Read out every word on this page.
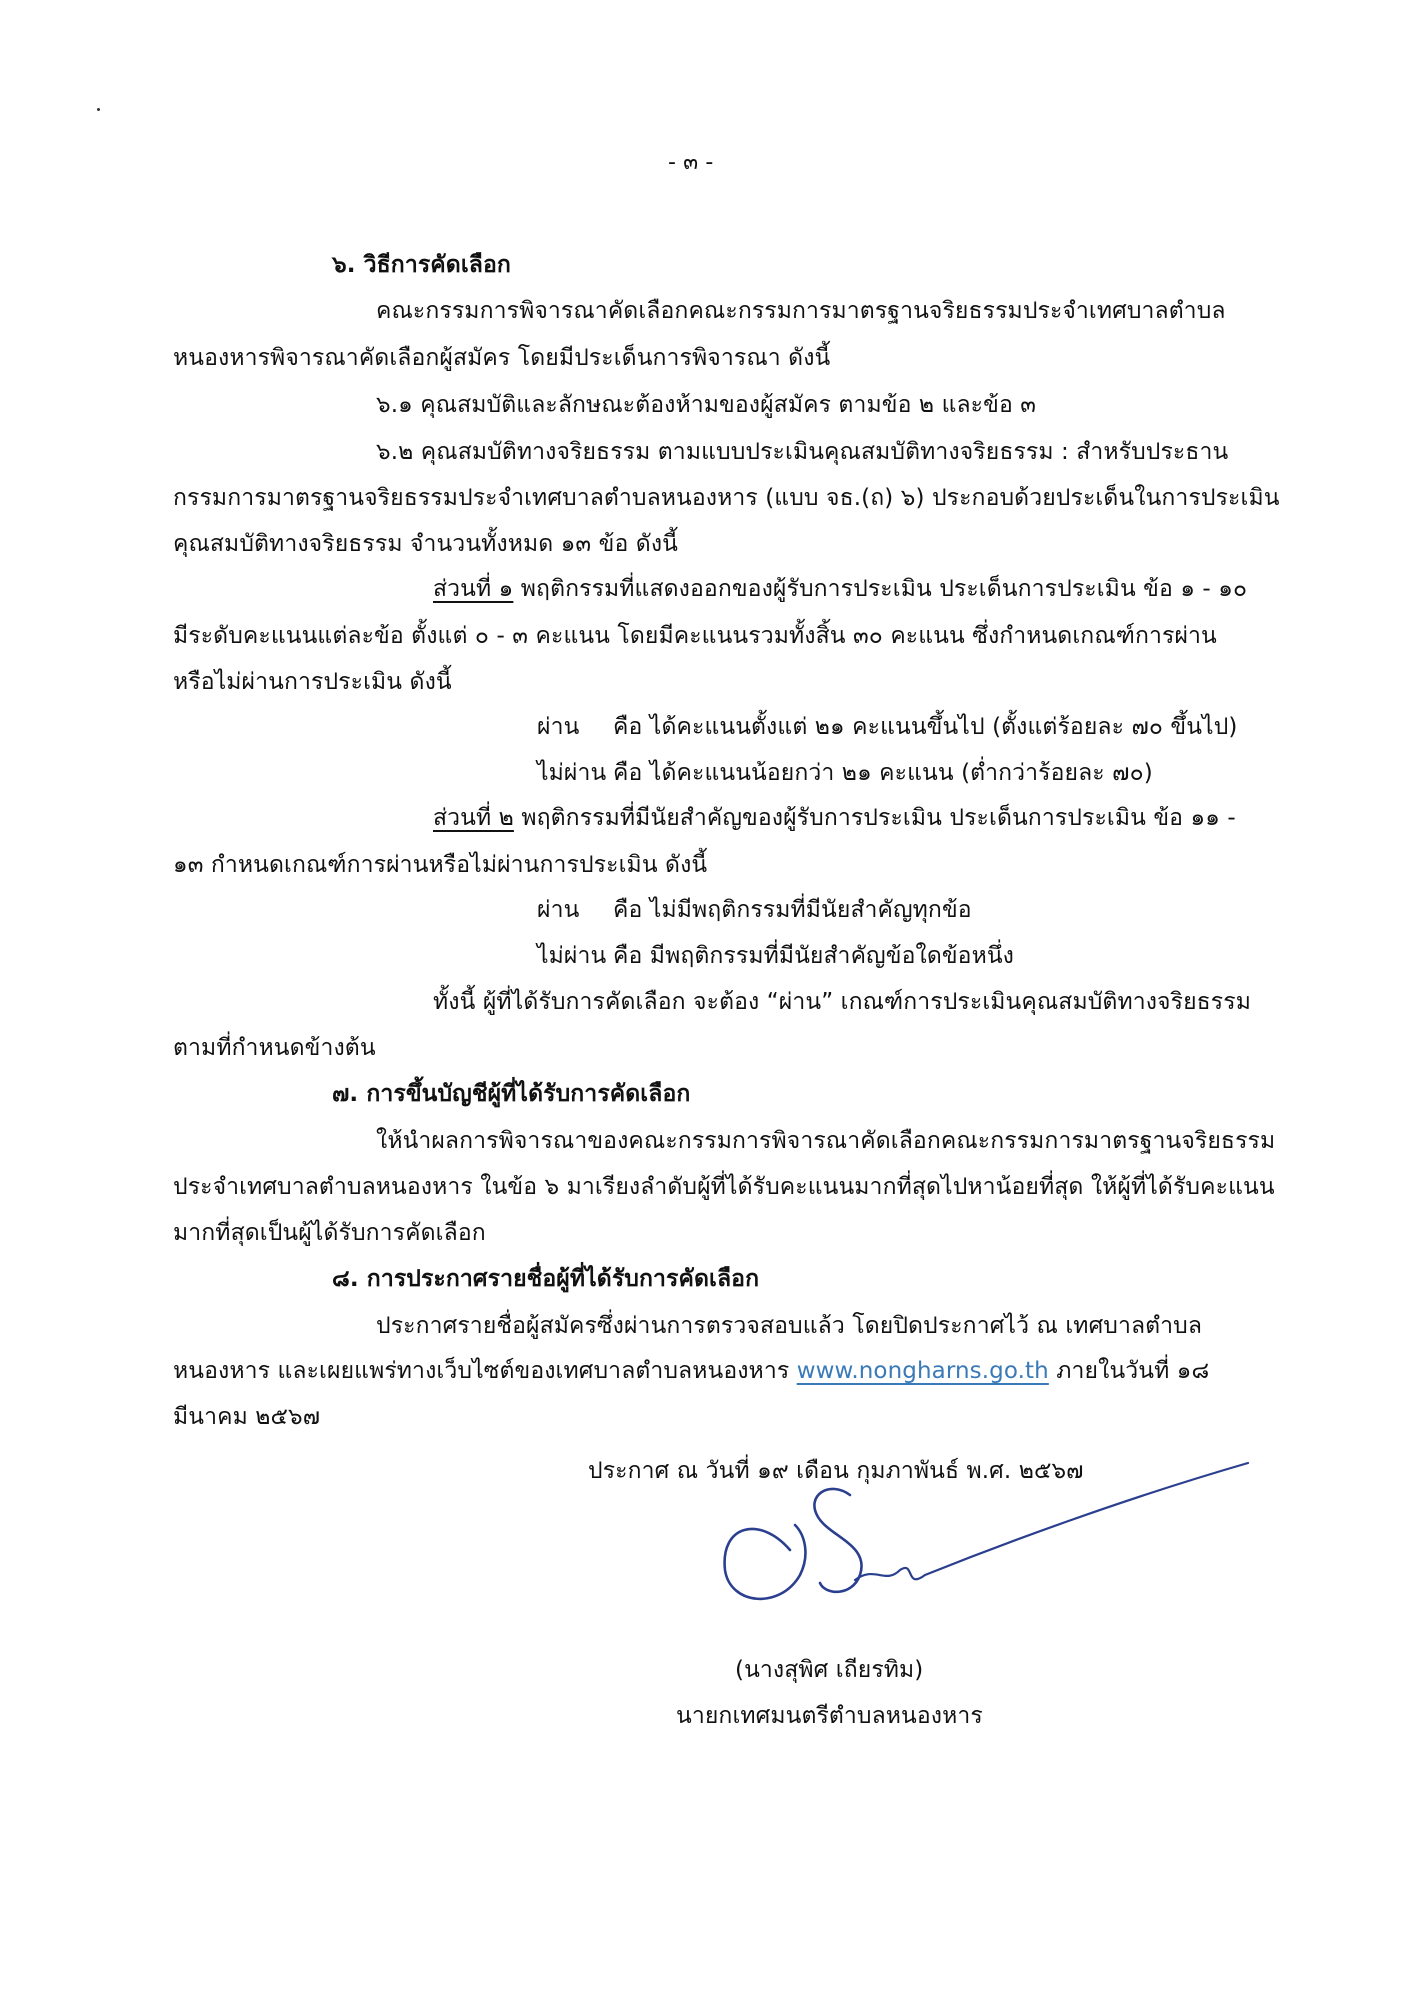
- ๓ -
๖. วิธีการคัดเลือก
คณะกรรมการพิจารณาคัดเลือกคณะกรรมการมาตรฐานจริยธรรมประจำเทศบาลตำบล
หนองหารพิจารณาคัดเลือกผู้สมัคร โดยมีประเด็นการพิจารณา ดังนี้
๖.๑ คุณสมบัติและลักษณะต้องห้ามของผู้สมัคร ตามข้อ ๒ และข้อ ๓
๖.๒ คุณสมบัติทางจริยธรรม ตามแบบประเมินคุณสมบัติทางจริยธรรม : สำหรับประธาน
กรรมการมาตรฐานจริยธรรมประจำเทศบาลตำบลหนองหาร (แบบ จธ.(ถ) ๖) ประกอบด้วยประเด็นในการประเมิน
คุณสมบัติทางจริยธรรม จำนวนทั้งหมด ๑๓ ข้อ ดังนี้
ส่วนที่ ๑ พฤติกรรมที่แสดงออกของผู้รับการประเมิน ประเด็นการประเมิน ข้อ ๑ - ๑๐
มีระดับคะแนนแต่ละข้อ ตั้งแต่ ๐ - ๓ คะแนน โดยมีคะแนนรวมทั้งสิ้น ๓๐ คะแนน ซึ่งกำหนดเกณฑ์การผ่าน
หรือไม่ผ่านการประเมิน ดังนี้
ผ่าน คือ ได้คะแนนตั้งแต่ ๒๑ คะแนนขึ้นไป (ตั้งแต่ร้อยละ ๗๐ ขึ้นไป)
ไม่ผ่าน คือ ได้คะแนนน้อยกว่า ๒๑ คะแนน (ต่ำกว่าร้อยละ ๗๐)
ส่วนที่ ๒ พฤติกรรมที่มีนัยสำคัญของผู้รับการประเมิน ประเด็นการประเมิน ข้อ ๑๑ -
๑๓ กำหนดเกณฑ์การผ่านหรือไม่ผ่านการประเมิน ดังนี้
ผ่าน คือ ไม่มีพฤติกรรมที่มีนัยสำคัญทุกข้อ
ไม่ผ่าน คือ มีพฤติกรรมที่มีนัยสำคัญข้อใดข้อหนึ่ง
ทั้งนี้ ผู้ที่ได้รับการคัดเลือก จะต้อง “ผ่าน” เกณฑ์การประเมินคุณสมบัติทางจริยธรรม
ตามที่กำหนดข้างต้น
๗. การขึ้นบัญชีผู้ที่ได้รับการคัดเลือก
ให้นำผลการพิจารณาของคณะกรรมการพิจารณาคัดเลือกคณะกรรมการมาตรฐานจริยธรรม
ประจำเทศบาลตำบลหนองหาร ในข้อ ๖ มาเรียงลำดับผู้ที่ได้รับคะแนนมากที่สุดไปหาน้อยที่สุด ให้ผู้ที่ได้รับคะแนน
มากที่สุดเป็นผู้ได้รับการคัดเลือก
๘. การประกาศรายชื่อผู้ที่ได้รับการคัดเลือก
ประกาศรายชื่อผู้สมัครซึ่งผ่านการตรวจสอบแล้ว โดยปิดประกาศไว้ ณ เทศบาลตำบล
หนองหาร และเผยแพร่ทางเว็บไซต์ของเทศบาลตำบลหนองหาร www.nongharns.go.th ภายในวันที่ ๑๘
มีนาคม ๒๕๖๗
ประกาศ ณ วันที่ ๑๙ เดือน กุมภาพันธ์ พ.ศ. ๒๕๖๗
(นางสุพิศ เถียรทิม)
นายกเทศมนตรีตำบลหนองหาร
